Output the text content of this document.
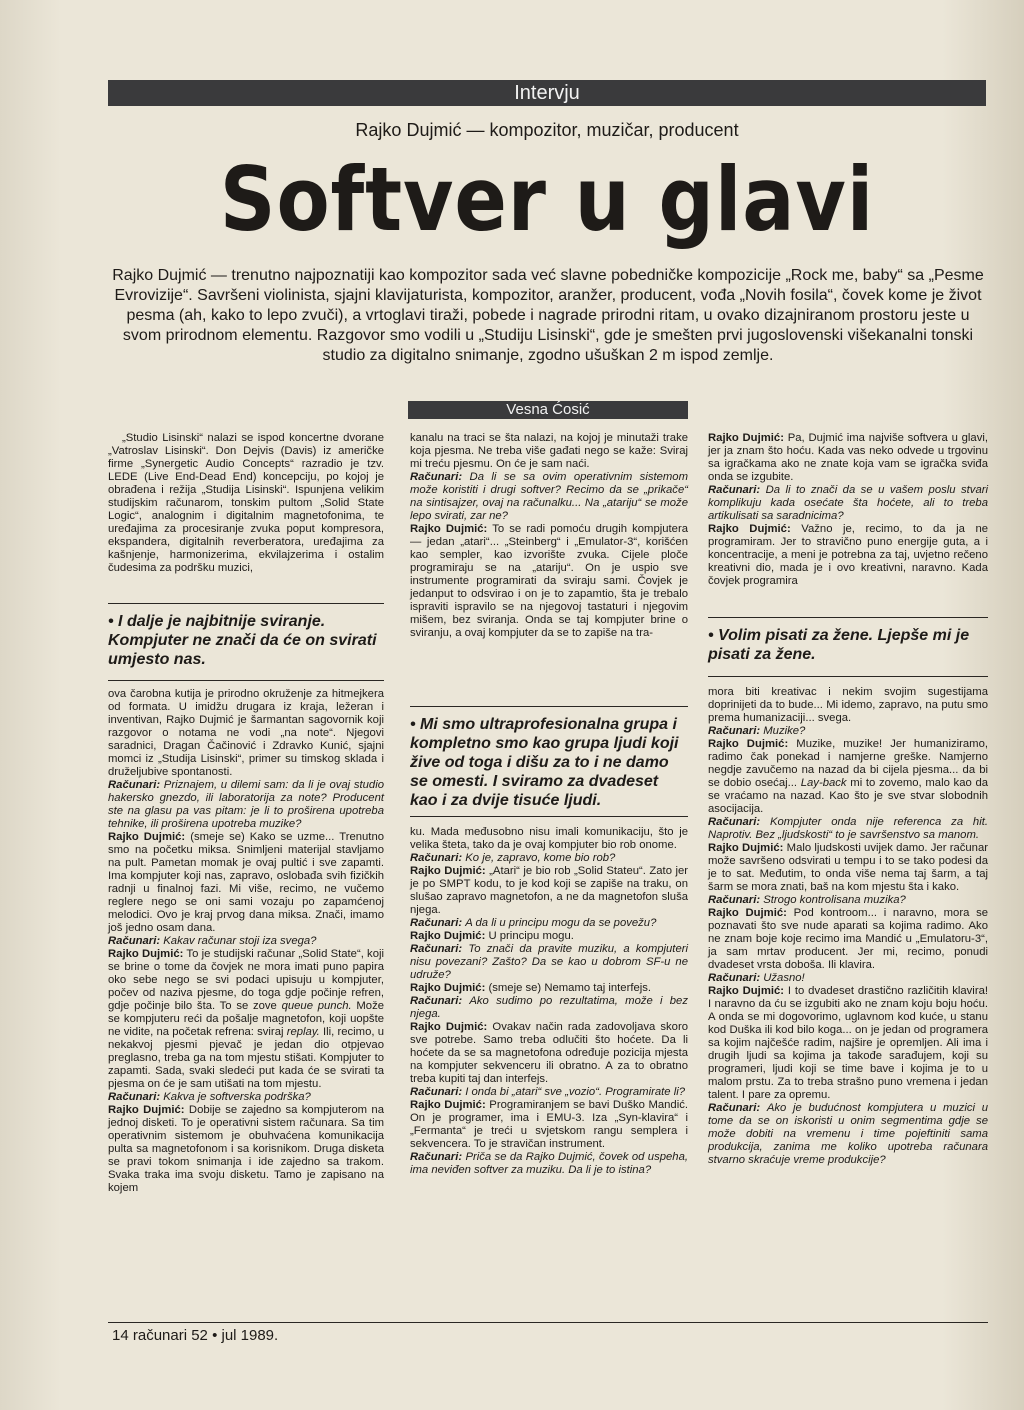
Intervju
Rajko Dujmić — kompozitor, muzičar, producent
Softver u glavi
Rajko Dujmić — trenutno najpoznatiji kao kompozitor sada već slavne pobedničke kompozicije „Rock me, baby“ sa „Pesme Evrovizije“. Savršeni violinista, sjajni klavijaturista, kompozitor, aranžer, producent, vođa „Novih fosila“, čovek kome je život pesma (ah, kako to lepo zvuči), a vrtoglavi tiraži, pobede i nagrade prirodni ritam, u ovako dizajniranom prostoru jeste u svom prirodnom elementu. Razgovor smo vodili u „Studiju Lisinski“, gde je smešten prvi jugoslovenski višekanalni tonski studio za digitalno snimanje, zgodno ušuškan 2 m ispod zemlje.
Vesna Ćosić

„Studio Lisinski“ nalazi se ispod koncertne dvorane „Vatroslav Lisinski“. Don Dejvis (Davis) iz američke firme „Synergetic Audio Concepts“ razradio je tzv. LEDE (Live End-Dead End) koncepciju, po kojoj je obrađena i režija „Studija Lisinski“. Ispunjena velikim studijskim računarom, tonskim pultom „Solid State Logic“, analognim i digitalnim magnetofonima, te uređajima za procesiranje zvuka poput kompresora, ekspandera, digitalnih reverberatora, uređajima za kašnjenje, harmonizerima, ekvilajzerima i ostalim čudesima za podršku muzici,

• I dalje je najbitnije sviranje. Kompjuter ne znači da će on svirati umjesto nas.

ova čarobna kutija je prirodno okruženje za hitmejkera od formata. U imidžu drugara iz kraja, ležeran i inventivan, Rajko Dujmić je šarmantan sagovornik koji razgovor o notama ne vodi „na note“. Njegovi saradnici, Dragan Čačinović i Zdravko Kunić, sjajni momci iz „Studija Lisinski“, primer su timskog sklada i druželjubive spontanosti.

Računari: Priznajem, u dilemi sam: da li je ovaj studio hakersko gnezdo, ili laboratorija za note? Producent ste na glasu pa vas pitam: je li to proširena upotreba tehnike, ili proširena upotreba muzike?

Rajko Dujmić: (smeje se) Kako se uzme... Trenutno smo na početku miksa. Snimljeni materijal stavljamo na pult. Pametan momak je ovaj pultić i sve zapamti. Ima kompjuter koji nas, zapravo, oslobađa svih fizičkih radnji u finalnoj fazi. Mi više, recimo, ne vučemo reglere nego se oni sami vozaju po zapamćenoj melodici. Ovo je kraj prvog dana miksa. Znači, imamo još jedno osam dana.

Računari: Kakav računar stoji iza svega?

Rajko Dujmić: To je studijski računar „Solid State“, koji se brine o tome da čovjek ne mora imati puno papira oko sebe nego se svi podaci upisuju u kompjuter, počev od naziva pjesme, do toga gdje počinje refren, gdje počinje bilo šta. To se zove queue punch. Može se kompjuteru reći da pošalje magnetofon, koji uopšte ne vidite, na početak refrena: sviraj replay. Ili, recimo, u nekakvoj pjesmi pjevač je jedan dio otpjevao preglasno, treba ga na tom mjestu stišati. Kompjuter to zapamti. Sada, svaki sledeći put kada će se svirati ta pjesma on će je sam utišati na tom mjestu.

Računari: Kakva je softverska podrška?

Rajko Dujmić: Dobije se zajedno sa kompjuterom na jednoj disketi. To je operativni sistem računara. Sa tim operativnim sistemom je obuhvaćena komunikacija pulta sa magnetofonom i sa korisnikom. Druga disketa se pravi tokom snimanja i ide zajedno sa trakom. Svaka traka ima svoju disketu. Tamo je zapisano na kojem

kanalu na traci se šta nalazi, na kojoj je minutaži trake koja pjesma. Ne treba više gađati nego se kaže: Sviraj mi treću pjesmu. On će je sam naći.

Računari: Da li se sa ovim operativnim sistemom može koristiti i drugi softver? Recimo da se „prikače“ na sintisajzer, ovaj na računalku... Na „atariju“ se može lepo svirati, zar ne?

Rajko Dujmić: To se radi pomoću drugih kompjutera — jedan „atari“... „Steinberg“ i „Emulator-3“, korišćen kao sempler, kao izvorište zvuka. Cijele ploče programiraju se na „atariju“. On je uspio sve instrumente programirati da sviraju sami. Čovjek je jedanput to odsvirao i on je to zapamtio, šta je trebalo ispraviti ispravilo se na njegovoj tastaturi i njegovim mišem, bez sviranja. Onda se taj kompjuter brine o sviranju, a ovaj kompjuter da se to zapiše na tra-

• Mi smo ultraprofesionalna grupa i kompletno smo kao grupa ljudi koji žive od toga i dišu za to i ne damo se omesti. I sviramo za dvadeset kao i za dvije tisuće ljudi.

ku. Mada međusobno nisu imali komunikaciju, što je velika šteta, tako da je ovaj kompjuter bio rob onome.

Računari: Ko je, zapravo, kome bio rob?

Rajko Dujmić: „Atari“ je bio rob „Solid Stateu“. Zato jer je po SMPT kodu, to je kod koji se zapiše na traku, on slušao zapravo magnetofon, a ne da magnetofon sluša njega.

Računari: A da li u principu mogu da se povežu?

Rajko Dujmić: U principu mogu.

Računari: To znači da pravite muziku, a kompjuteri nisu povezani? Zašto? Da se kao u dobrom SF-u ne udruže?

Rajko Dujmić: (smeje se) Nemamo taj interfejs.

Računari: Ako sudimo po rezultatima, može i bez njega.

Rajko Dujmić: Ovakav način rada zadovoljava skoro sve potrebe. Samo treba odlučiti što hoćete. Da li hoćete da se sa magnetofona određuje pozicija mjesta na kompjuter sekvenceru ili obratno. A za to obratno treba kupiti taj dan interfejs.

Računari: I onda bi „atari“ sve „vozio“. Programirate li?

Rajko Dujmić: Programiranjem se bavi Duško Mandić. On je programer, ima i EMU-3. Iza „Syn-klavira“ i „Fermanta“ je treći u svjetskom rangu semplera i sekvencera. To je stravičan instrument.

Računari: Priča se da Rajko Dujmić, čovek od uspeha, ima neviđen softver za muziku. Da li je to istina?

Rajko Dujmić: Pa, Dujmić ima najviše softvera u glavi, jer ja znam što hoću. Kada vas neko odvede u trgovinu sa igračkama ako ne znate koja vam se igračka sviđa onda se izgubite.

Računari: Da li to znači da se u vašem poslu stvari komplikuju kada osećate šta hoćete, ali to treba artikulisati sa saradnicima?

Rajko Dujmić: Važno je, recimo, to da ja ne programiram. Jer to stravično puno energije guta, a i koncentracije, a meni je potrebna za taj, uvjetno rečeno kreativni dio, mada je i ovo kreativni, naravno. Kada čovjek programira

• Volim pisati za žene. Ljepše mi je pisati za žene.

mora biti kreativac i nekim svojim sugestijama doprinijeti da to bude... Mi idemo, zapravo, na putu smo prema humanizaciji... svega.

Računari: Muzike?

Rajko Dujmić: Muzike, muzike! Jer humaniziramo, radimo čak ponekad i namjerne greške. Namjerno negdje zavučemo na nazad da bi cijela pjesma... da bi se dobio osećaj... Lay-back mi to zovemo, malo kao da se vraćamo na nazad. Kao što je sve stvar slobodnih asocijacija.

Računari: Kompjuter onda nije referenca za hit. Naprotiv. Bez „ljudskosti“ to je savršenstvo sa manom.

Rajko Dujmić: Malo ljudskosti uvijek damo. Jer računar može savršeno odsvirati u tempu i to se tako podesi da je to sat. Međutim, to onda više nema taj šarm, a taj šarm se mora znati, baš na kom mjestu šta i kako.

Računari: Strogo kontrolisana muzika?

Rajko Dujmić: Pod kontroom... i naravno, mora se poznavati što sve nude aparati sa kojima radimo. Ako ne znam boje koje recimo ima Mandić u „Emulatoru-3“, ja sam mrtav producent. Jer mi, recimo, ponudi dvadeset vrsta doboša. Ili klavira.

Računari: Užasno!

Rajko Dujmić: I to dvadeset drastično različitih klavira! I naravno da ću se izgubiti ako ne znam koju boju hoću. A onda se mi dogovorimo, uglavnom kod kuće, u stanu kod Duška ili kod bilo koga... on je jedan od programera sa kojim najčešće radim, najšire je opremljen. Ali ima i drugih ljudi sa kojima ja takođe sarađujem, koji su programeri, ljudi koji se time bave i kojima je to u malom prstu. Za to treba strašno puno vremena i jedan talent. I pare za opremu.

Računari: Ako je budućnost kompjutera u muzici u tome da se on iskoristi u onim segmentima gdje se može dobiti na vremenu i time pojeftiniti sama produkcija, zanima me koliko upotreba računara stvarno skraćuje vreme produkcije?

14 računari 52 • jul 1989.
